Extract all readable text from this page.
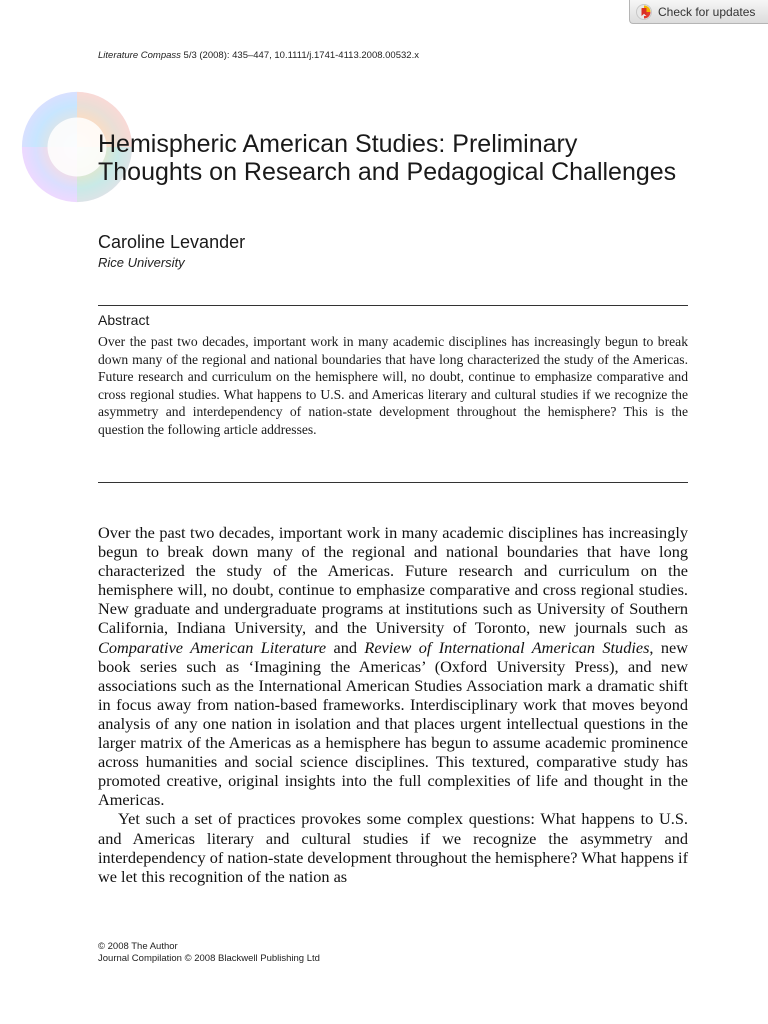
Check for updates
Literature Compass 5/3 (2008): 435–447, 10.1111/j.1741-4113.2008.00532.x
Hemispheric American Studies: Preliminary Thoughts on Research and Pedagogical Challenges
Caroline Levander
Rice University
Abstract

Over the past two decades, important work in many academic disciplines has increasingly begun to break down many of the regional and national boundaries that have long characterized the study of the Americas. Future research and curriculum on the hemisphere will, no doubt, continue to emphasize comparative and cross regional studies. What happens to U.S. and Americas literary and cultural studies if we recognize the asymmetry and interdependency of nation-state development throughout the hemisphere? This is the question the following article addresses.

Over the past two decades, important work in many academic disciplines has increasingly begun to break down many of the regional and national boundaries that have long characterized the study of the Americas. Future research and curriculum on the hemisphere will, no doubt, continue to emphasize comparative and cross regional studies. New graduate and undergraduate programs at institutions such as University of Southern California, Indiana University, and the University of Toronto, new journals such as Comparative American Literature and Review of International American Studies, new book series such as ‘Imagining the Americas’ (Oxford University Press), and new associations such as the International American Studies Association mark a dramatic shift in focus away from nation-based frameworks. Interdisciplinary work that moves beyond analysis of any one nation in isolation and that places urgent intellectual questions in the larger matrix of the Americas as a hemisphere has begun to assume academic prominence across humanities and social science disciplines. This textured, comparative study has promoted creative, original insights into the full complexities of life and thought in the Americas.

Yet such a set of practices provokes some complex questions: What happens to U.S. and Americas literary and cultural studies if we recognize the asymmetry and interdependency of nation-state development throughout the hemisphere? What happens if we let this recognition of the nation as

© 2008 The Author
Journal Compilation © 2008 Blackwell Publishing Ltd
